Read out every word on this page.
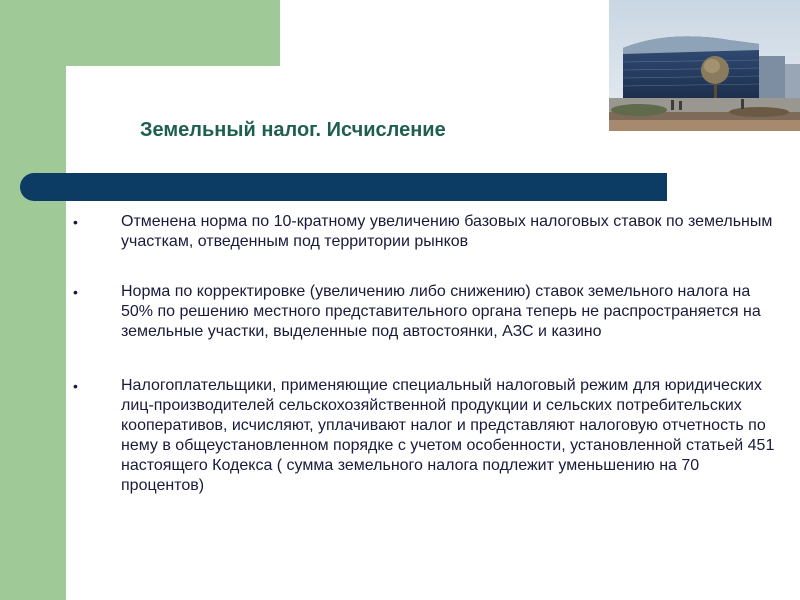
Земельный налог. Исчисление
•	Отменена норма по 10-кратному увеличению базовых налоговых ставок по земельным участкам, отведенным под территории рынков
•	Норма по корректировке (увеличению либо снижению) ставок земельного налога на 50% по решению местного представительного органа теперь не распространяется на земельные участки, выделенные под автостоянки, АЗС и казино
•	Налогоплательщики, применяющие специальный налоговый режим для юридических лиц-производителей сельскохозяйственной продукции и сельских потребительских кооперативов, исчисляют, уплачивают налог и представляют налоговую отчетность по нему в общеустановленном порядке с учетом особенности, установленной статьей 451 настоящего Кодекса ( сумма земельного налога подлежит уменьшению на 70 процентов)
